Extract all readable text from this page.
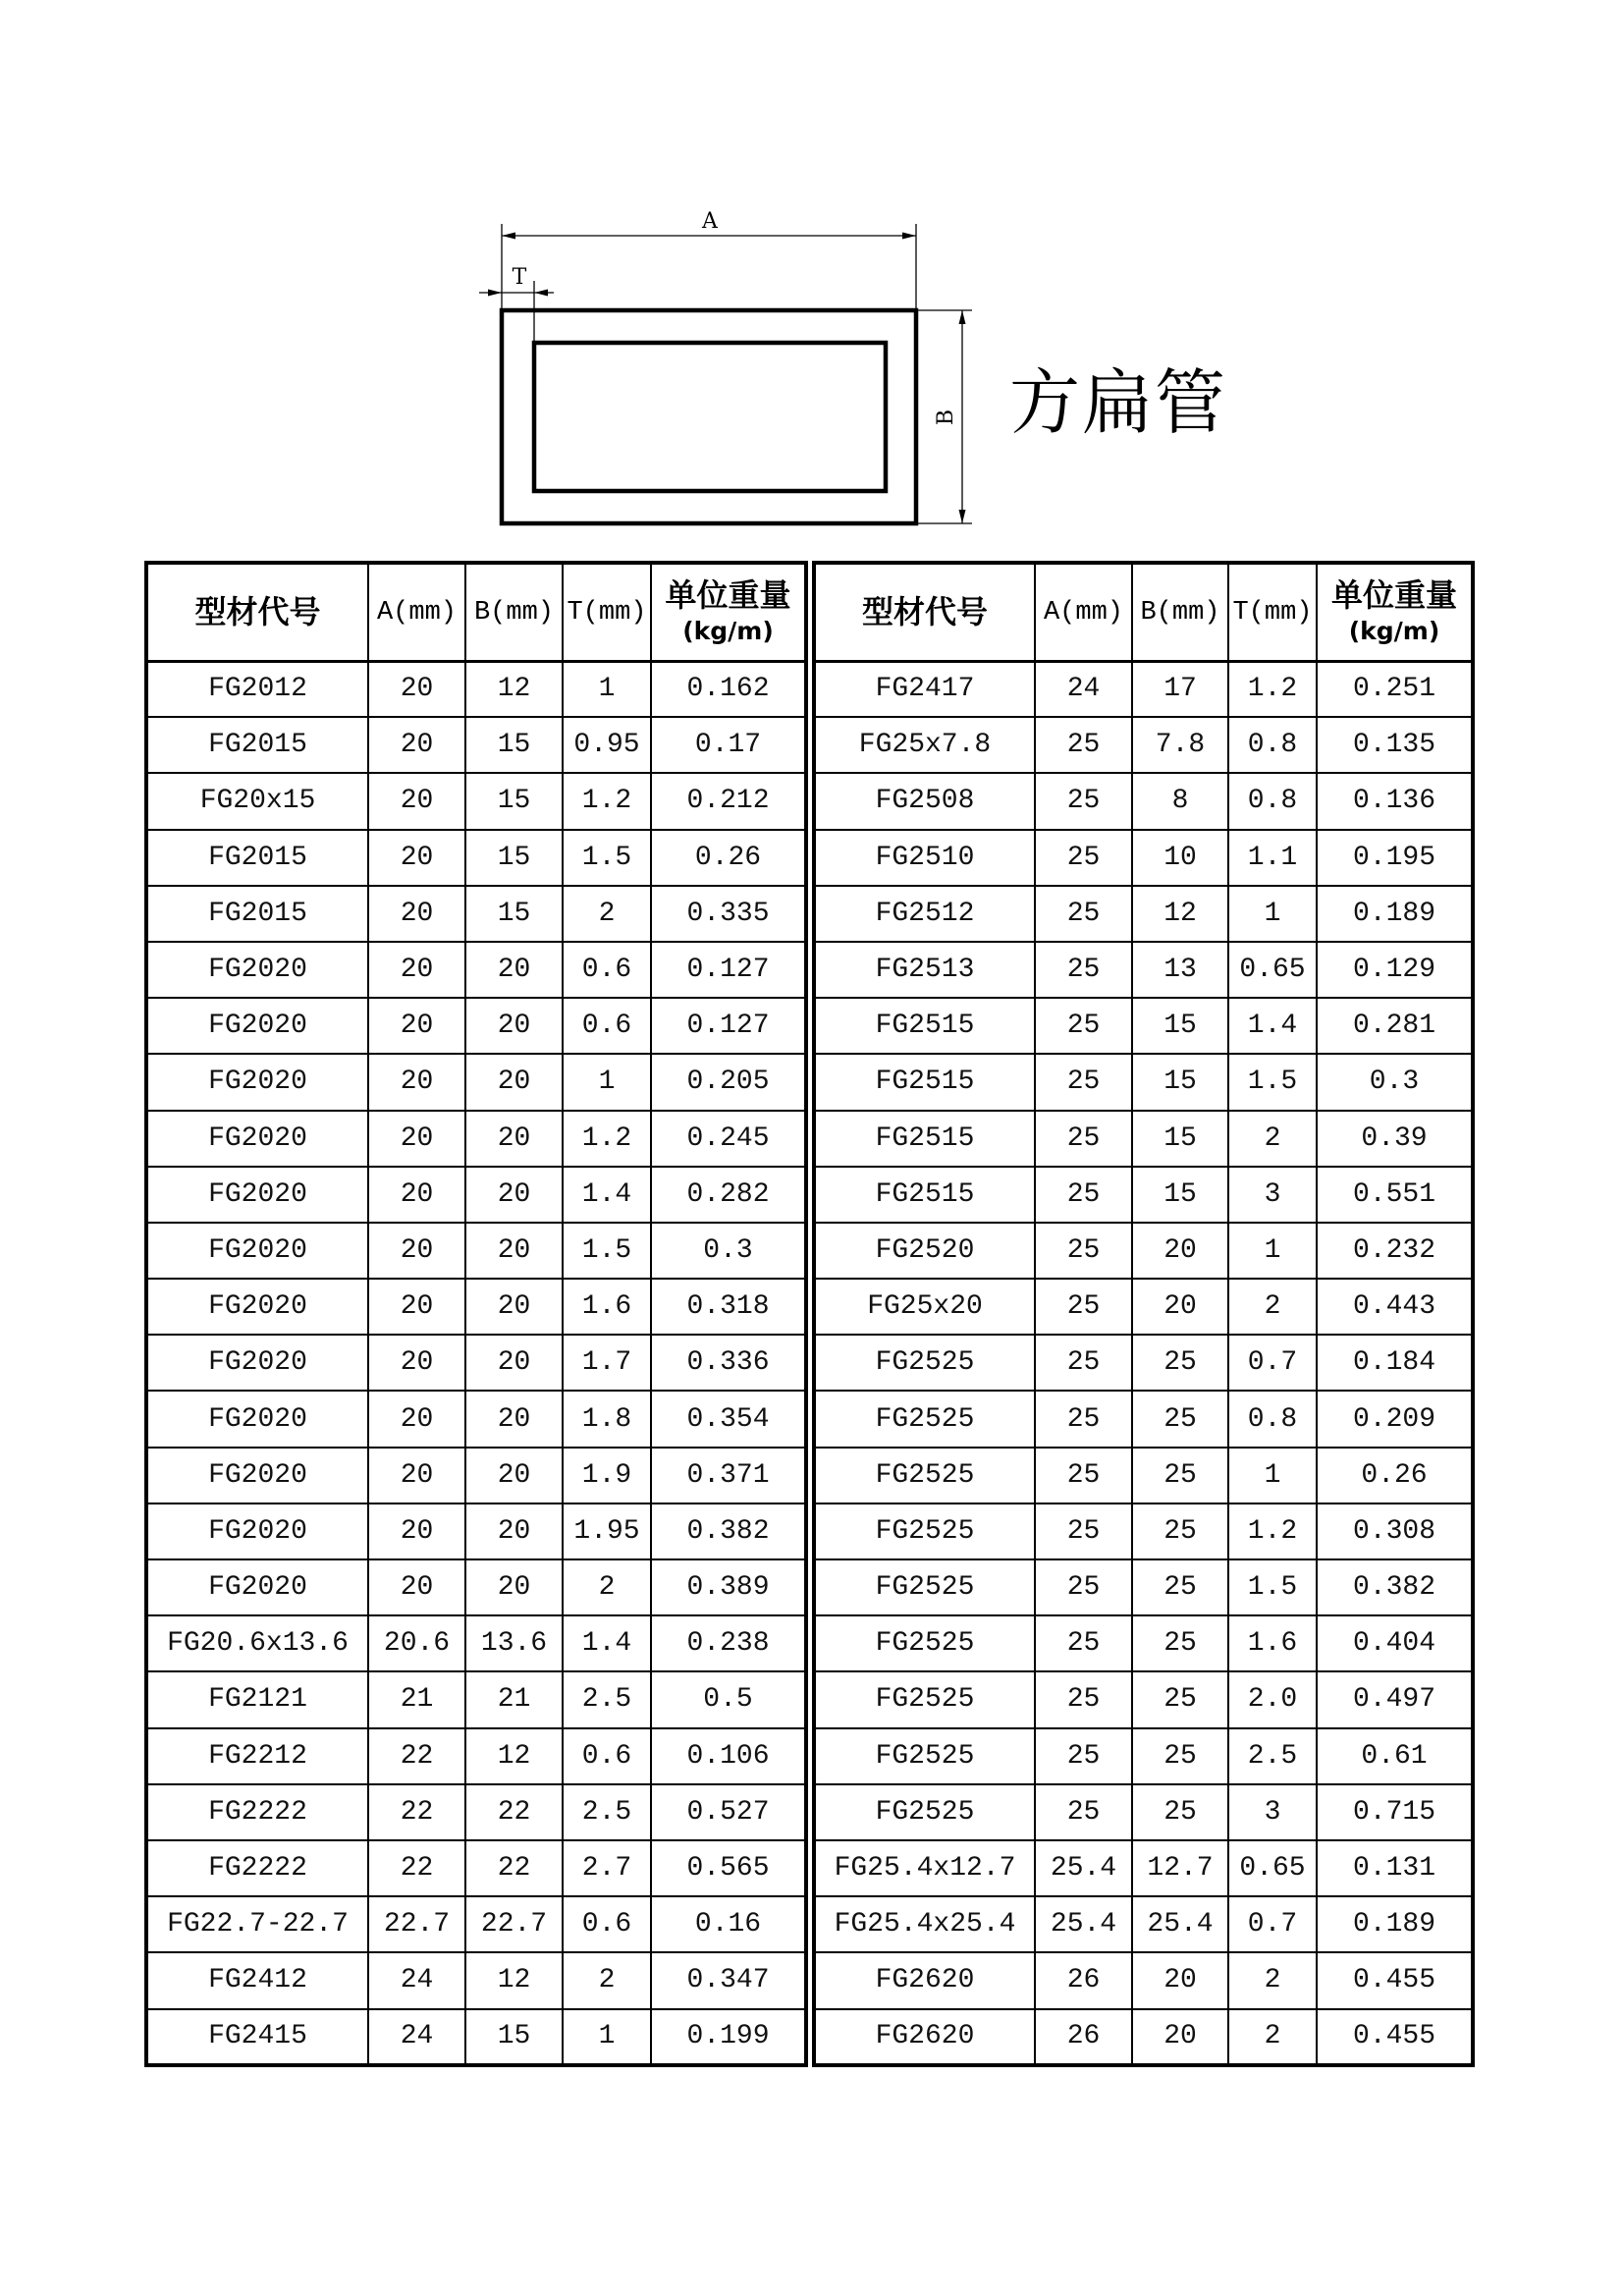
A
T
B 方扁管
型材代号	A(mm)	B(mm)	T(mm)	单位重量
(kg/m)

FG2012	20	12	1	0.162
FG2015	20	15	0.95	0.17
FG20x15	20	15	1.2	0.212
FG2015	20	15	1.5	0.26
FG2015	20	15	2	0.335
FG2020	20	20	0.6	0.127
FG2020	20	20	0.6	0.127
FG2020	20	20	1	0.205
FG2020	20	20	1.2	0.245
FG2020	20	20	1.4	0.282
FG2020	20	20	1.5	0.3
FG2020	20	20	1.6	0.318
FG2020	20	20	1.7	0.336
FG2020	20	20	1.8	0.354
FG2020	20	20	1.9	0.371
FG2020	20	20	1.95	0.382
FG2020	20	20	2	0.389
FG20.6x13.6	20.6	13.6	1.4	0.238
FG2121	21	21	2.5	0.5
FG2212	22	12	0.6	0.106
FG2222	22	22	2.5	0.527
FG2222	22	22	2.7	0.565
FG22.7-22.7	22.7	22.7	0.6	0.16
FG2412	24	12	2	0.347
FG2415	24	15	1	0.199
型材代号	A(mm)	B(mm)	T(mm)	单位重量
(kg/m)

FG2417	24	17	1.2	0.251
FG25x7.8	25	7.8	0.8	0.135
FG2508	25	8	0.8	0.136
FG2510	25	10	1.1	0.195
FG2512	25	12	1	0.189
FG2513	25	13	0.65	0.129
FG2515	25	15	1.4	0.281
FG2515	25	15	1.5	0.3
FG2515	25	15	2	0.39
FG2515	25	15	3	0.551
FG2520	25	20	1	0.232
FG25x20	25	20	2	0.443
FG2525	25	25	0.7	0.184
FG2525	25	25	0.8	0.209
FG2525	25	25	1	0.26
FG2525	25	25	1.2	0.308
FG2525	25	25	1.5	0.382
FG2525	25	25	1.6	0.404
FG2525	25	25	2.0	0.497
FG2525	25	25	2.5	0.61
FG2525	25	25	3	0.715
FG25.4x12.7	25.4	12.7	0.65	0.131
FG25.4x25.4	25.4	25.4	0.7	0.189
FG2620	26	20	2	0.455
FG2620	26	20	2	0.455
